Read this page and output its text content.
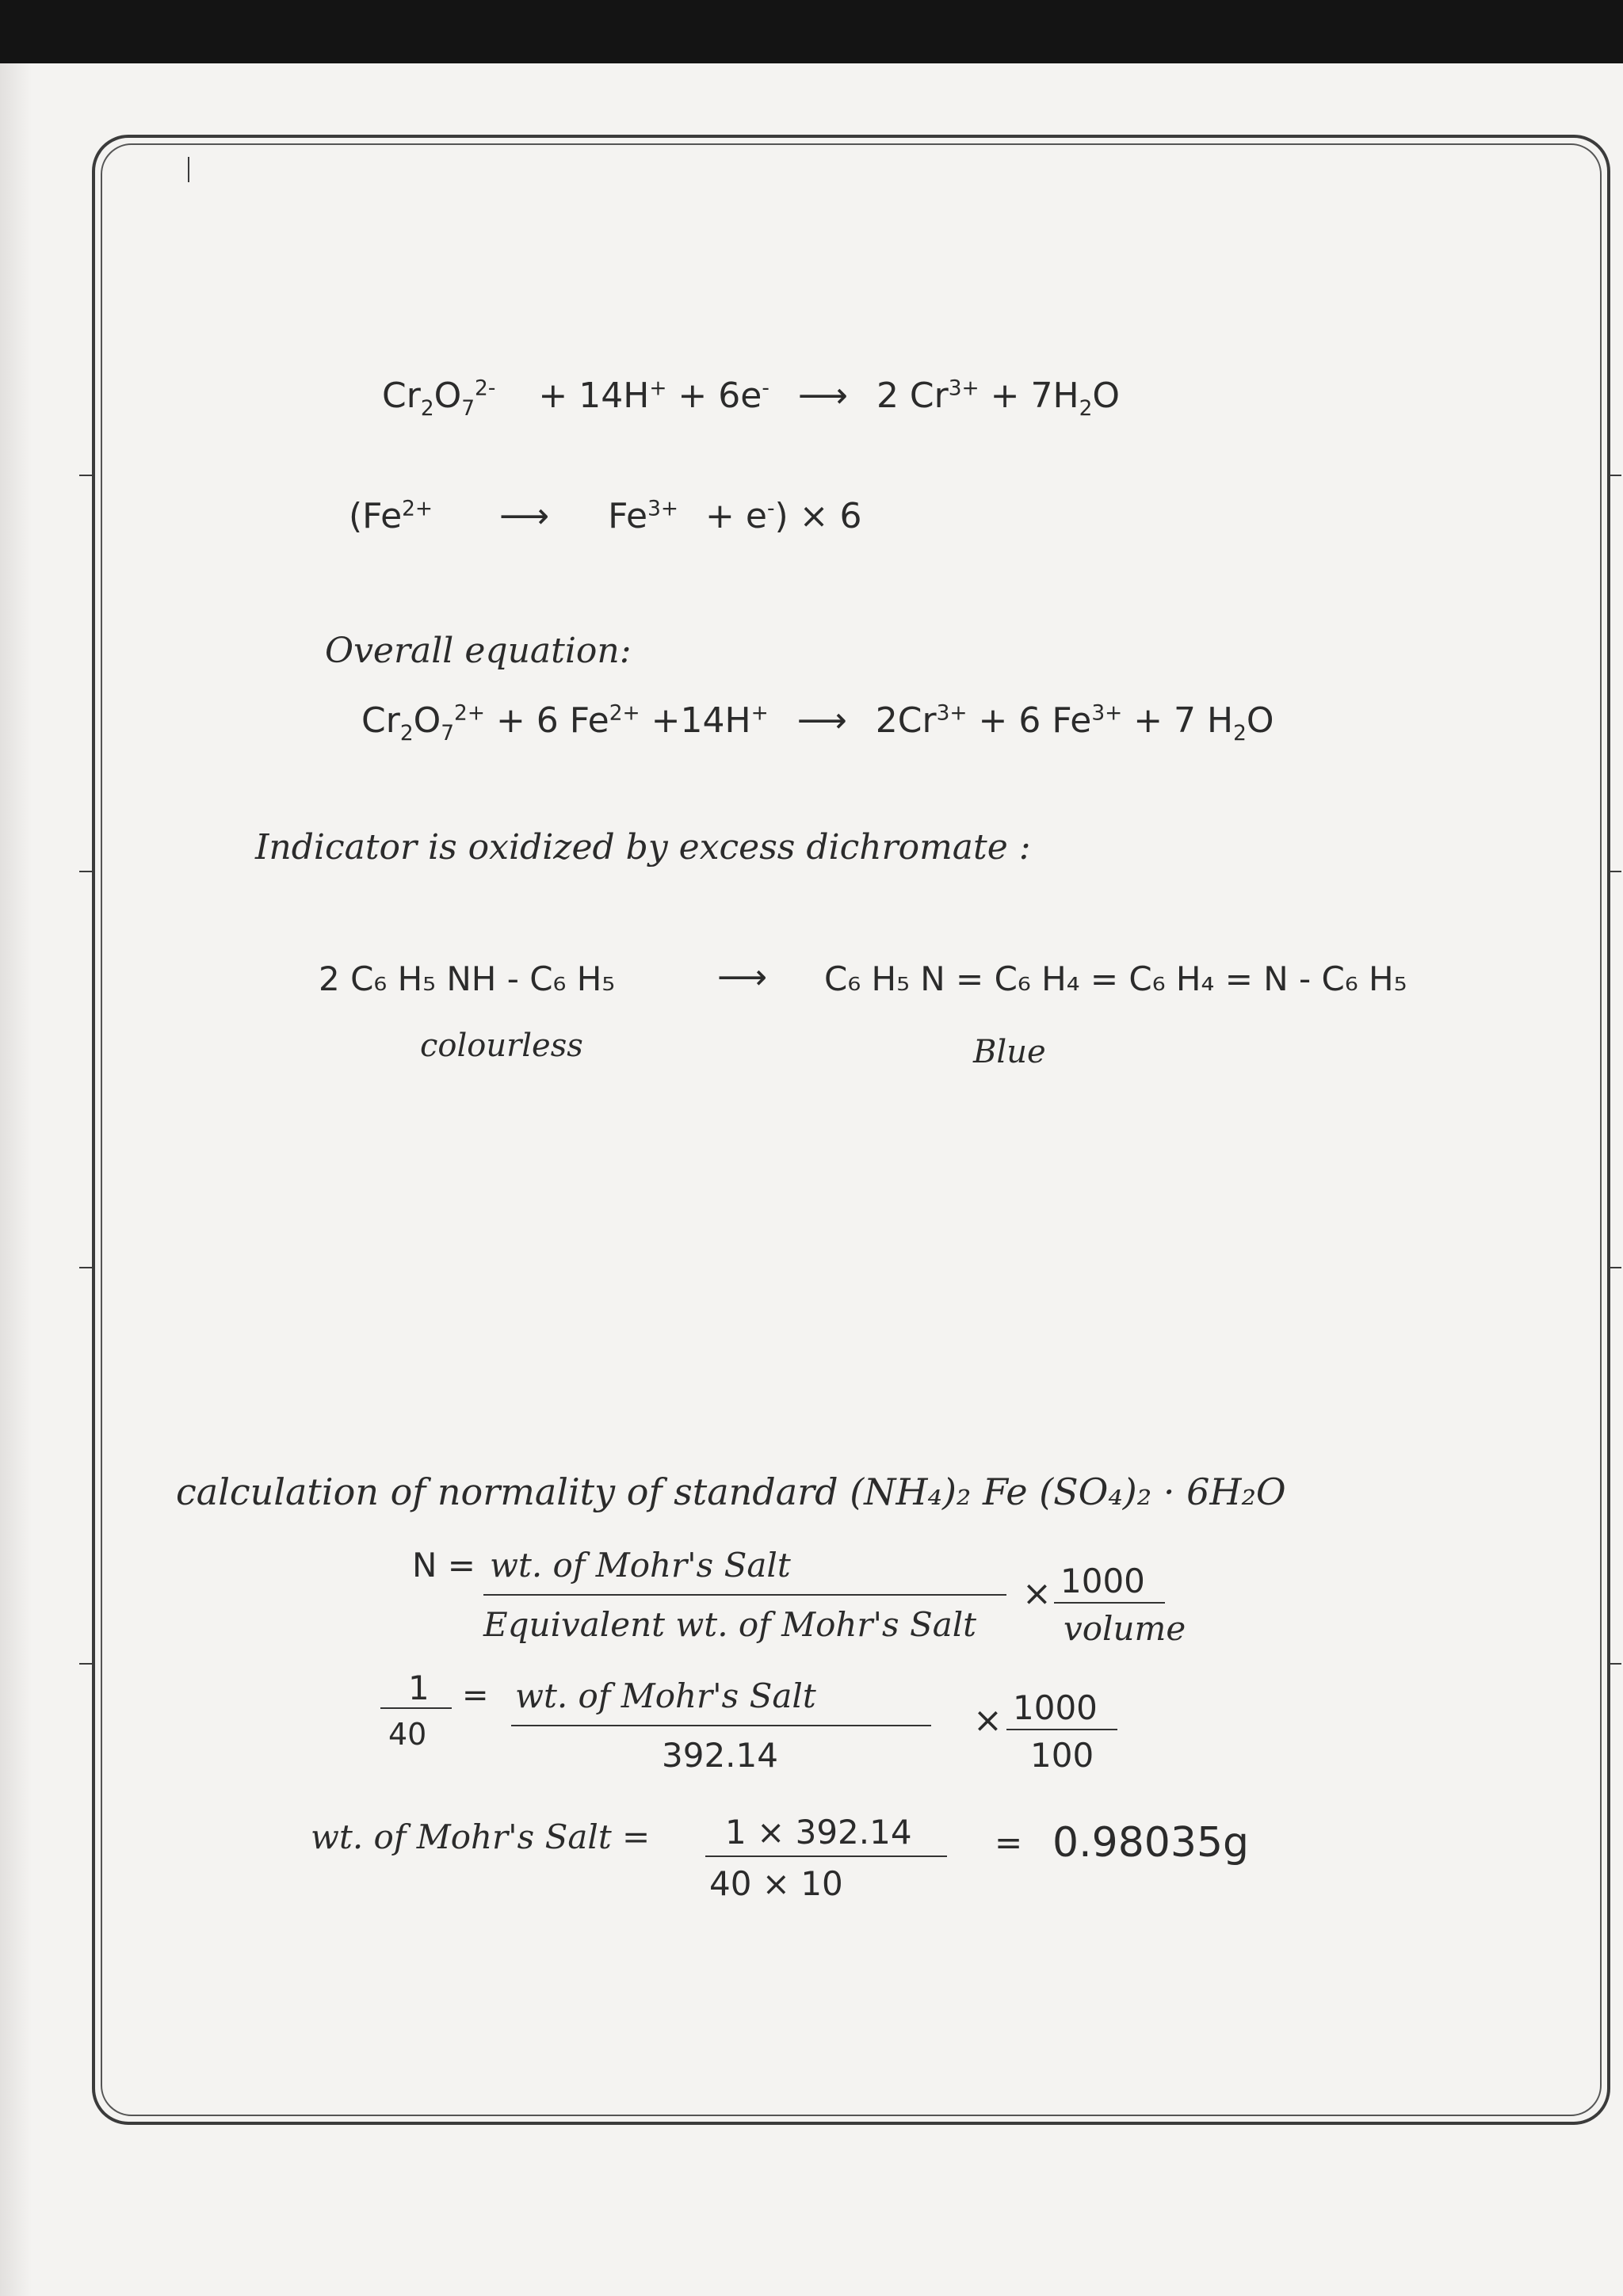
$Cr_2O_7^{2-} + 14H^+ + 6e^-$ ⟶ 2 $Cr^{3+} + 7H_2O$
($Fe^{2+}$ ⟶ $Fe^{3+} + e^-) \times 6$
Overall equation:
$Cr_2O_7^{2+} + 6$ $Fe^{2+} +14H^+$ ⟶ $2Cr^{3+} + 6$ $Fe^{3+} + 7$ $H_2O$
Indicator is oxidized by excess dichromate :
2 C₆ H₅ NH - C₆ H₅	⟶ C₆ H₅ N = C₆ H₄ = C₆ H₄ = N - C₆ H₅
colourless	Blue
calculation of normality of standard (NH₄)₂ Fe (SO₄)₂ · 6H₂O
N = wt. of Mohr's Salt
Equivalent wt. of Mohr's Salt
× 1000
volume
1
40
= wt. of Mohr's Salt
392.14
× 1000
100
wt. of Mohr's Salt = 1 × 392.14
40 × 10
= 0.98035g
